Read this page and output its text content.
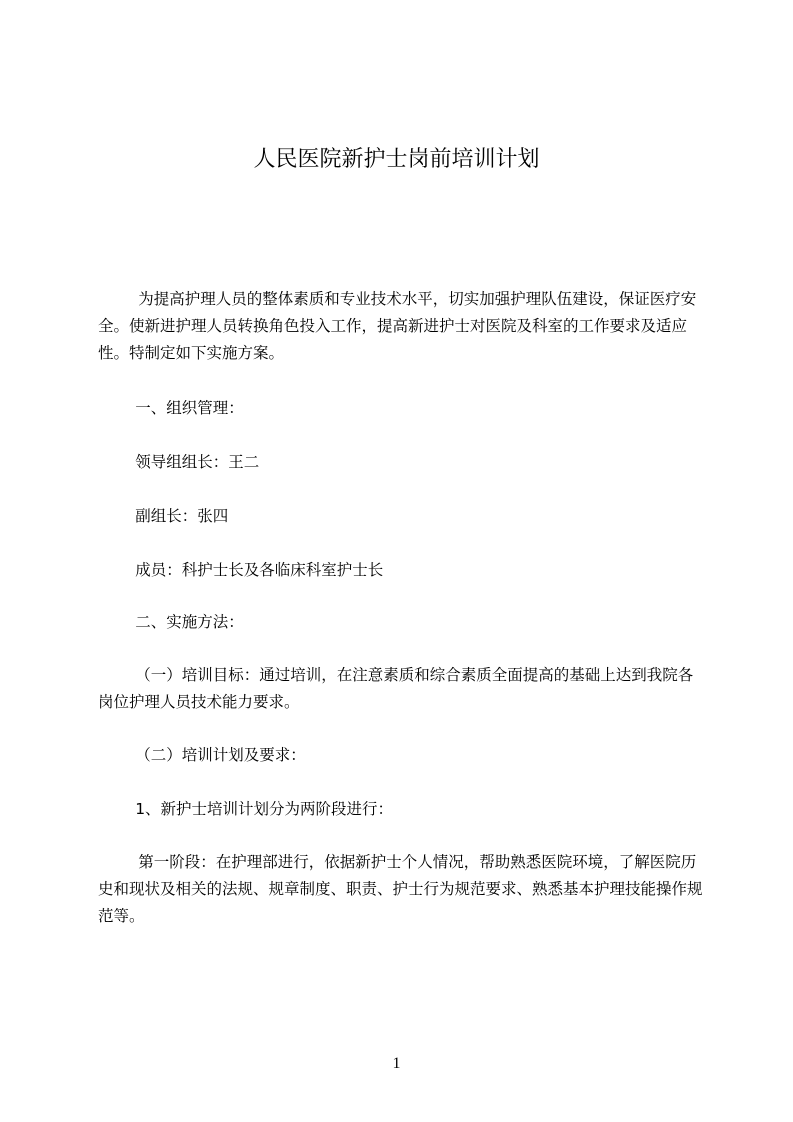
人民医院新护士岗前培训计划

为提高护理人员的整体素质和专业技术水平，切实加强护理队伍建设，保证医疗安全。使新进护理人员转换角色投入工作，提高新进护士对医院及科室的工作要求及适应性。特制定如下实施方案。

一、组织管理：

领导组组长：王二

副组长：张四

成员：科护士长及各临床科室护士长

二、实施方法：

（一）培训目标：通过培训，在注意素质和综合素质全面提高的基础上达到我院各岗位护理人员技术能力要求。

（二）培训计划及要求：

1、新护士培训计划分为两阶段进行：

第一阶段：在护理部进行，依据新护士个人情况，帮助熟悉医院环境，了解医院历史和现状及相关的法规、规章制度、职责、护士行为规范要求、熟悉基本护理技能操作规范等。

1
